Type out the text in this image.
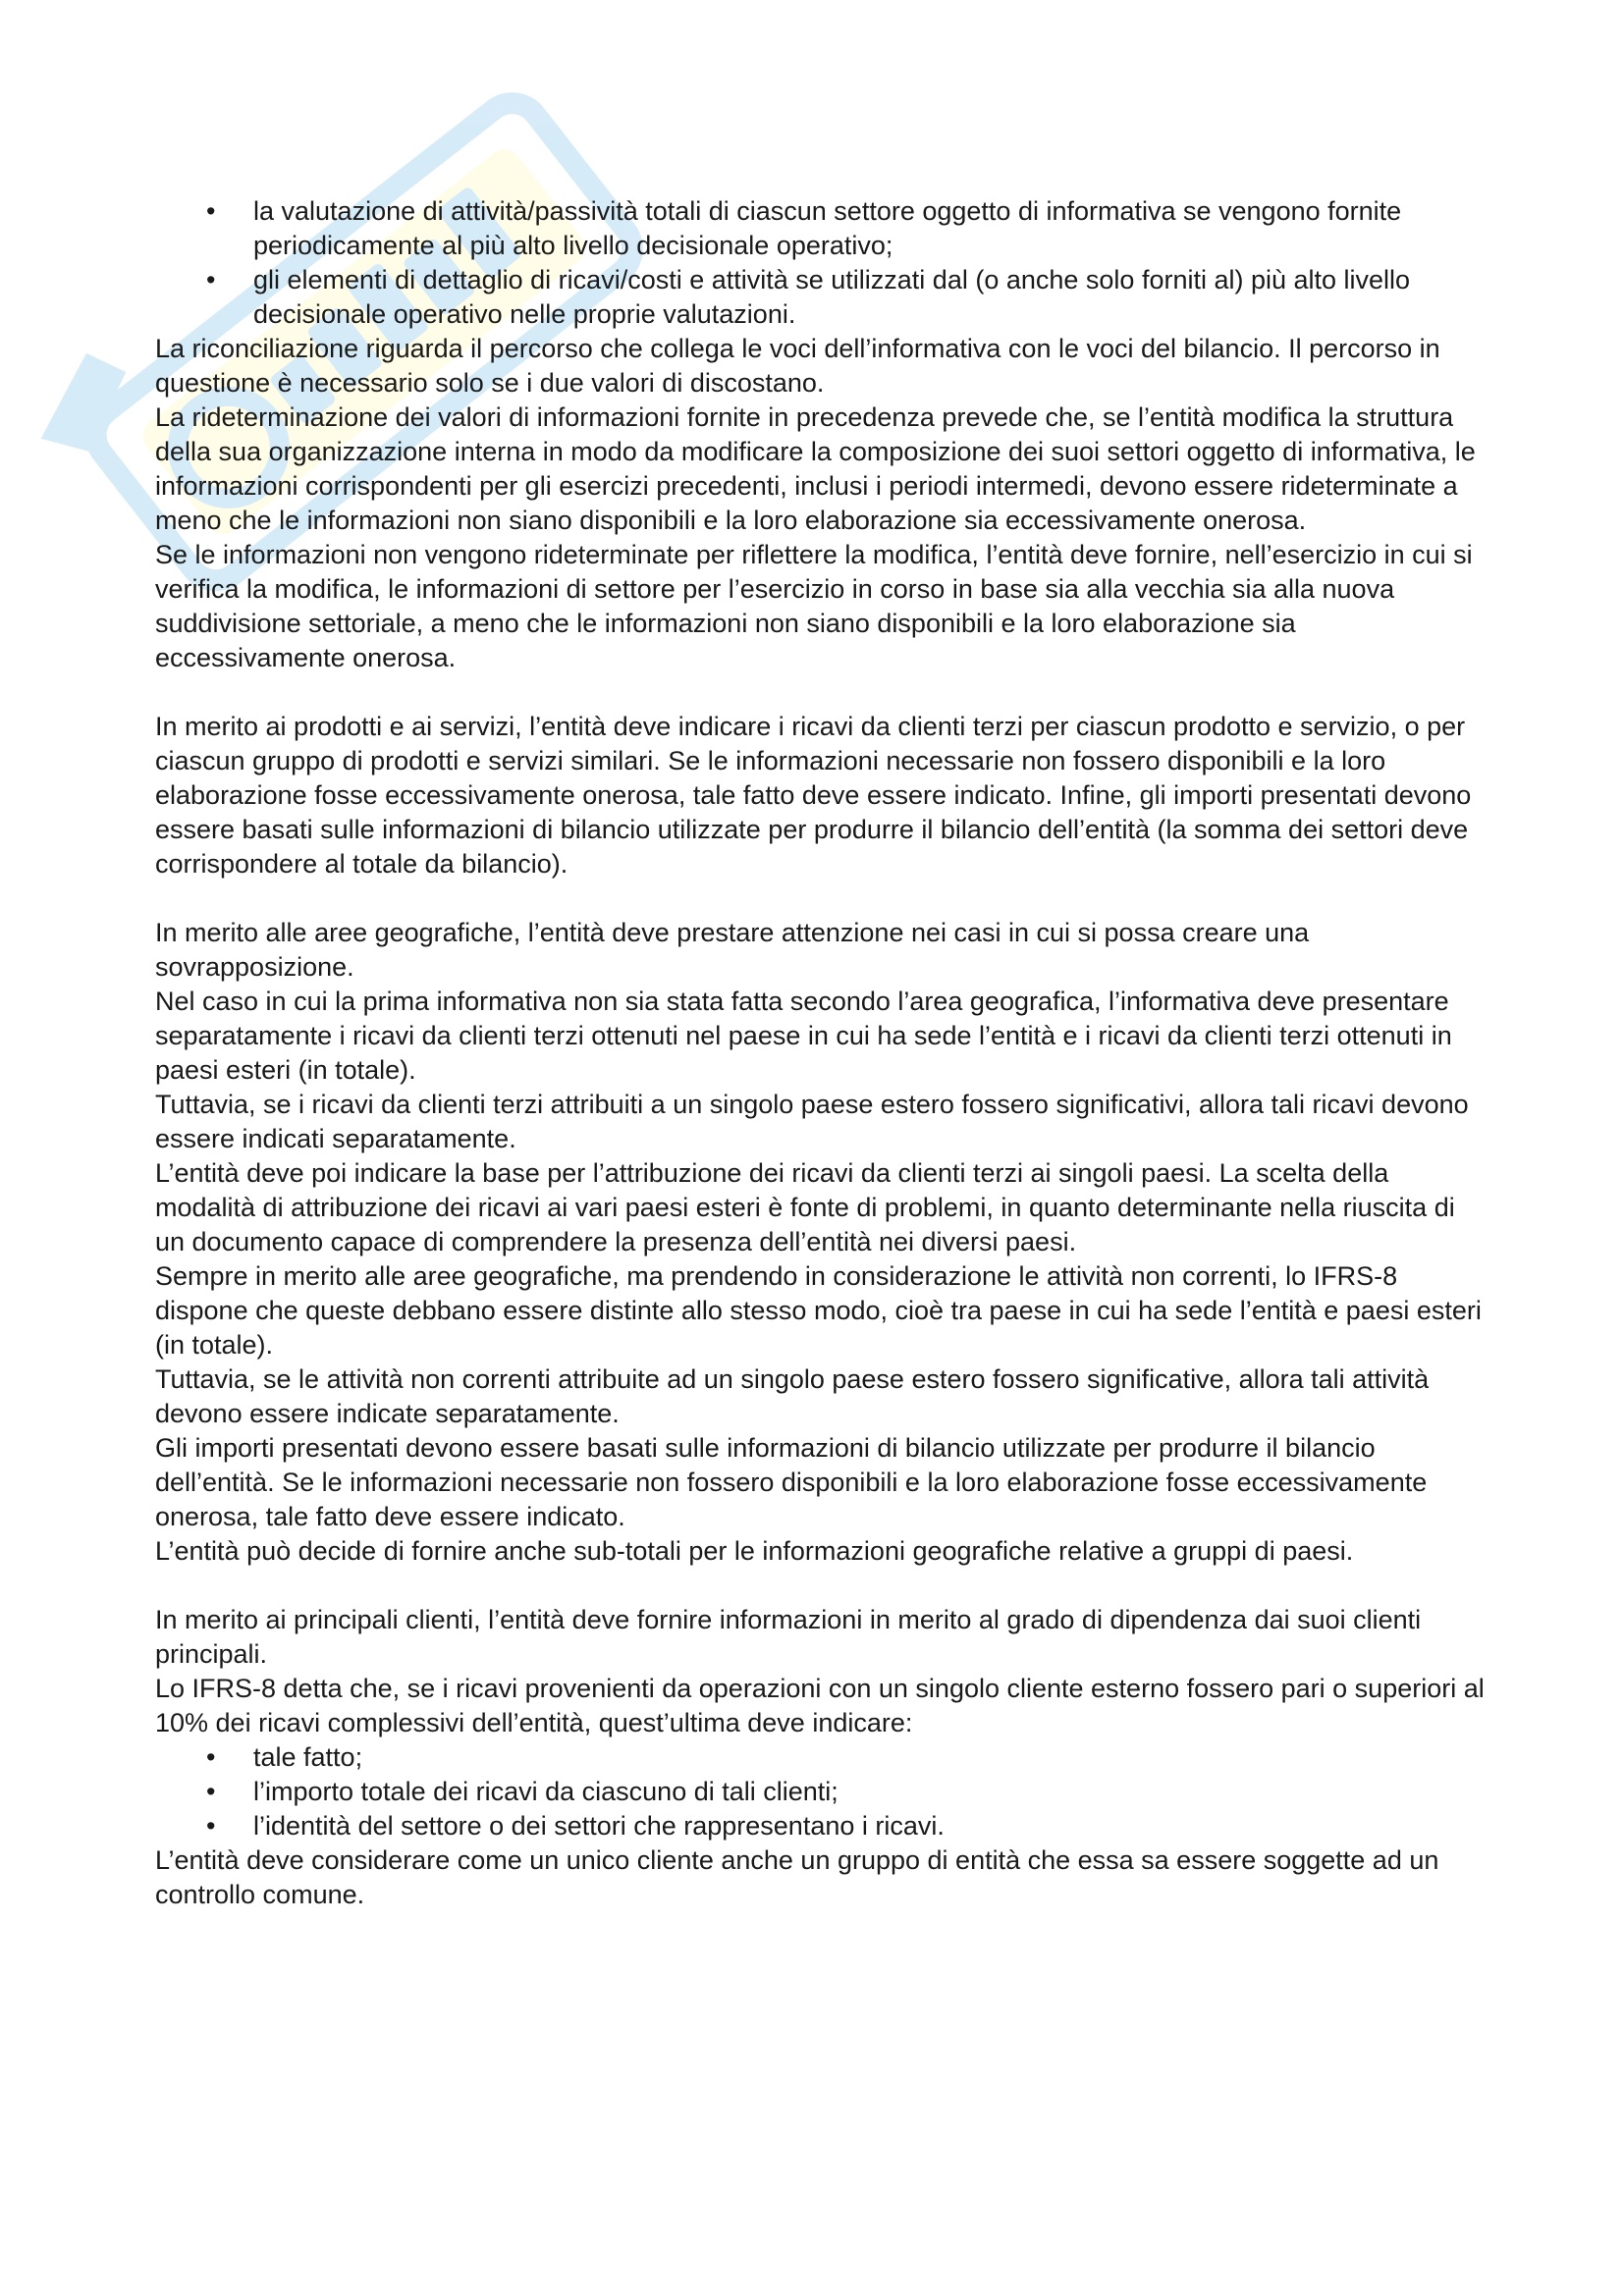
• la valutazione di attività/passività totali di ciascun settore oggetto di informativa se vengono fornite periodicamente al più alto livello decisionale operativo;
• gli elementi di dettaglio di ricavi/costi e attività se utilizzati dal (o anche solo forniti al) più alto livello decisionale operativo nelle proprie valutazioni.

La riconciliazione riguarda il percorso che collega le voci dell’informativa con le voci del bilancio. Il percorso in questione è necessario solo se i due valori di discostano.

La rideterminazione dei valori di informazioni fornite in precedenza prevede che, se l’entità modifica la struttura della sua organizzazione interna in modo da modificare la composizione dei suoi settori oggetto di informativa, le informazioni corrispondenti per gli esercizi precedenti, inclusi i periodi intermedi, devono essere rideterminate a meno che le informazioni non siano disponibili e la loro elaborazione sia eccessivamente onerosa.

Se le informazioni non vengono rideterminate per riflettere la modifica, l’entità deve fornire, nell’esercizio in cui si verifica la modifica, le informazioni di settore per l’esercizio in corso in base sia alla vecchia sia alla nuova suddivisione settoriale, a meno che le informazioni non siano disponibili e la loro elaborazione sia eccessivamente onerosa.

In merito ai prodotti e ai servizi, l’entità deve indicare i ricavi da clienti terzi per ciascun prodotto e servizio, o per ciascun gruppo di prodotti e servizi similari. Se le informazioni necessarie non fossero disponibili e la loro elaborazione fosse eccessivamente onerosa, tale fatto deve essere indicato. Infine, gli importi presentati devono essere basati sulle informazioni di bilancio utilizzate per produrre il bilancio dell’entità (la somma dei settori deve corrispondere al totale da bilancio).

In merito alle aree geografiche, l’entità deve prestare attenzione nei casi in cui si possa creare una sovrapposizione.

Nel caso in cui la prima informativa non sia stata fatta secondo l’area geografica, l’informativa deve presentare separatamente i ricavi da clienti terzi ottenuti nel paese in cui ha sede l’entità e i ricavi da clienti terzi ottenuti in paesi esteri (in totale).

Tuttavia, se i ricavi da clienti terzi attribuiti a un singolo paese estero fossero significativi, allora tali ricavi devono essere indicati separatamente.

L’entità deve poi indicare la base per l’attribuzione dei ricavi da clienti terzi ai singoli paesi. La scelta della modalità di attribuzione dei ricavi ai vari paesi esteri è fonte di problemi, in quanto determinante nella riuscita di un documento capace di comprendere la presenza dell’entità nei diversi paesi.

Sempre in merito alle aree geografiche, ma prendendo in considerazione le attività non correnti, lo IFRS-8 dispone che queste debbano essere distinte allo stesso modo, cioè tra paese in cui ha sede l’entità e paesi esteri (in totale).

Tuttavia, se le attività non correnti attribuite ad un singolo paese estero fossero significative, allora tali attività devono essere indicate separatamente.

Gli importi presentati devono essere basati sulle informazioni di bilancio utilizzate per produrre il bilancio dell’entità. Se le informazioni necessarie non fossero disponibili e la loro elaborazione fosse eccessivamente onerosa, tale fatto deve essere indicato.

L’entità può decide di fornire anche sub-totali per le informazioni geografiche relative a gruppi di paesi.

In merito ai principali clienti, l’entità deve fornire informazioni in merito al grado di dipendenza dai suoi clienti principali.

Lo IFRS-8 detta che, se i ricavi provenienti da operazioni con un singolo cliente esterno fossero pari o superiori al 10% dei ricavi complessivi dell’entità, quest’ultima deve indicare:

• tale fatto;
• l’importo totale dei ricavi da ciascuno di tali clienti;
• l’identità del settore o dei settori che rappresentano i ricavi.

L’entità deve considerare come un unico cliente anche un gruppo di entità che essa sa essere soggette ad un controllo comune.
